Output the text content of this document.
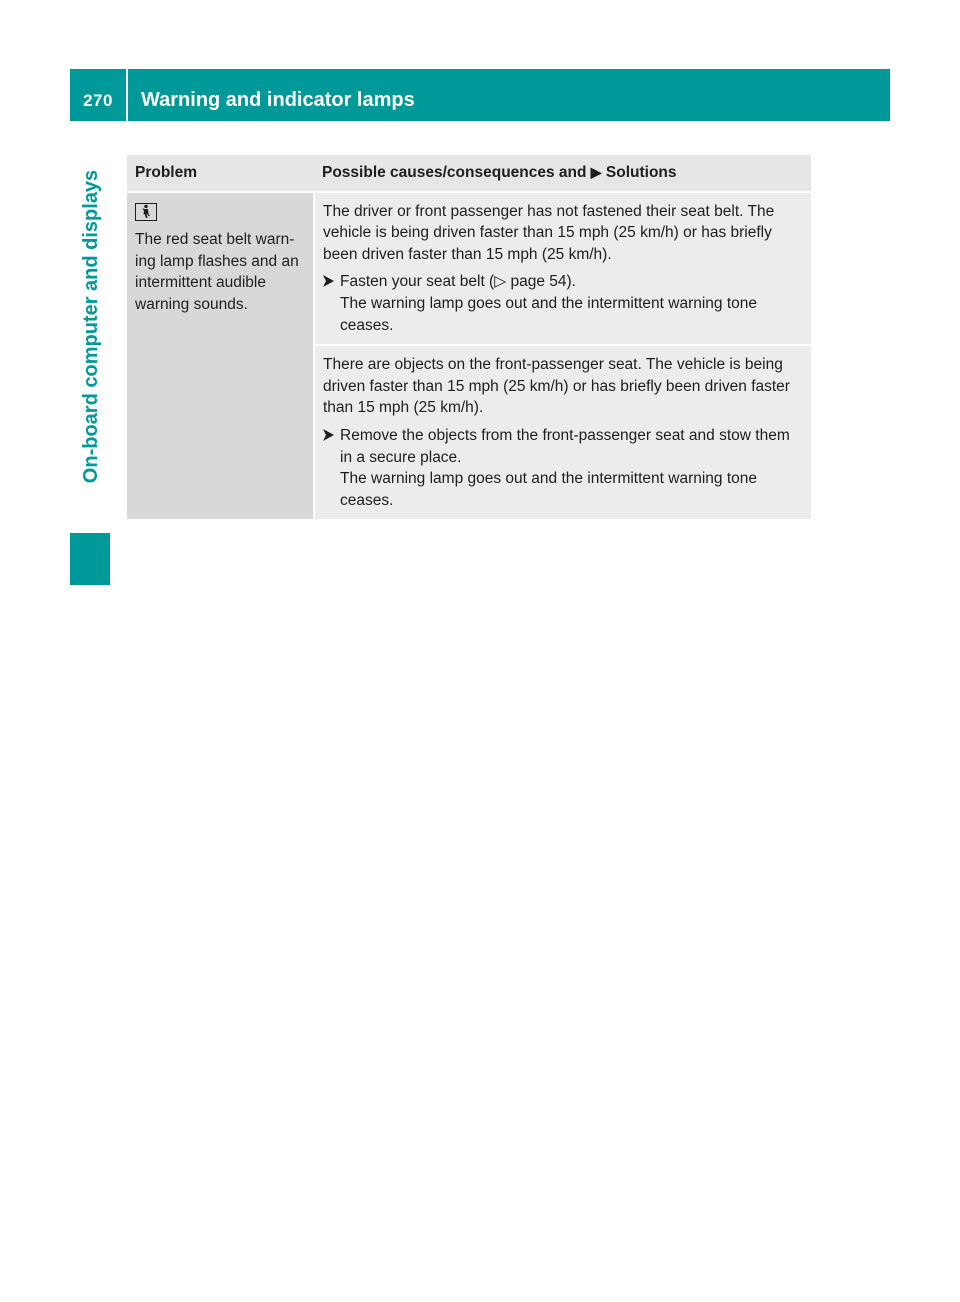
270	Warning and indicator lamps
On-board computer and displays Problem	Possible causes/consequences and ▶ Solutions

The red seat belt warn-ing lamp flashes and an intermittent audible warning sounds.	The driver or front passenger has not fastened their seat belt. The vehicle is being driven faster than 15 mph (25 km/h) or has briefly been driven faster than 15 mph (25 km/h).

Fasten your seat belt (▷ page 54).

The warning lamp goes out and the intermittent warning tone ceases.

	There are objects on the front-passenger seat. The vehicle is being driven faster than 15 mph (25 km/h) or has briefly been driven faster than 15 mph (25 km/h).

Remove the objects from the front-passenger seat and stow them in a secure place.

The warning lamp goes out and the intermittent warning tone ceases.
